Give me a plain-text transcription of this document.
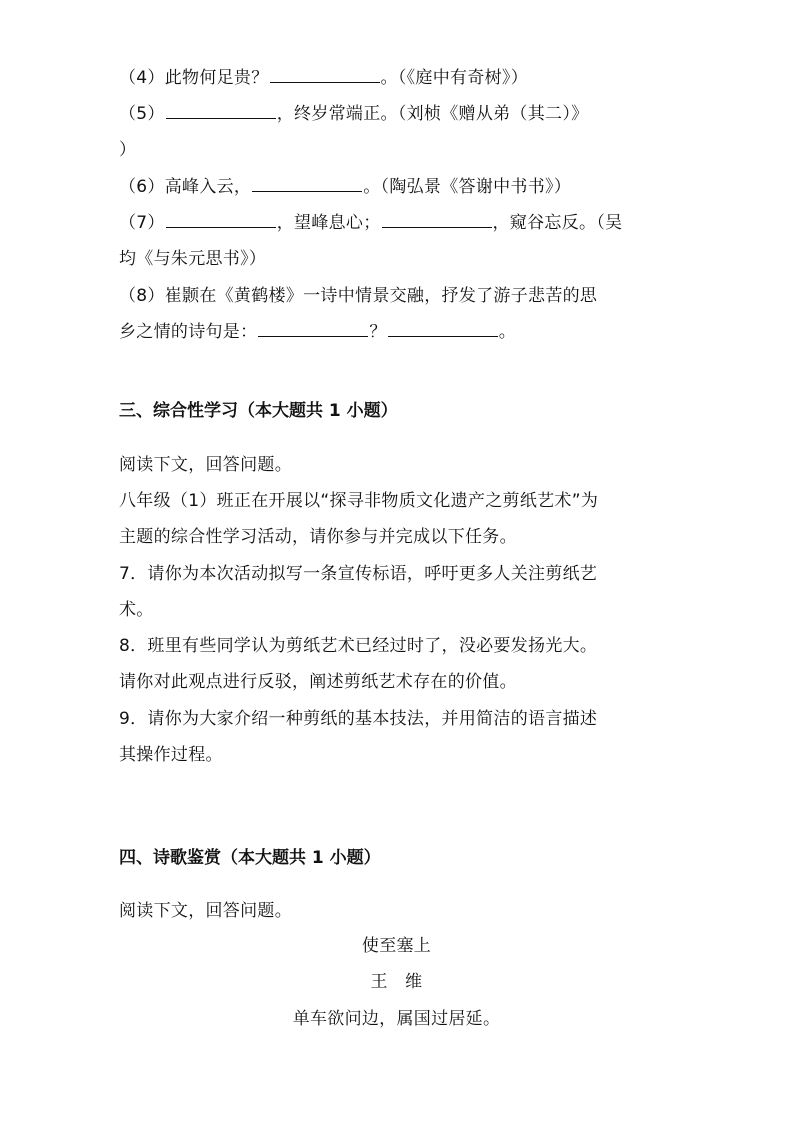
（4）此物何足贵？	。（《庭中有奇树》）
（5）	，终岁常端正。（刘桢《赠从弟（其二）》
）
（6）高峰入云，	。（陶弘景《答谢中书书》）
（7）	，望峰息心；	，窥谷忘反。（吴
均《与朱元思书》）
（8）崔颢在《黄鹤楼》一诗中情景交融，抒发了游子悲苦的思
乡之情的诗句是：	？	。
三、综合性学习（本大题共 1 小题）
阅读下文，回答问题。
八年级（1）班正在开展以“探寻非物质文化遗产之剪纸艺术”为
主题的综合性学习活动，请你参与并完成以下任务。
7．请你为本次活动拟写一条宣传标语，呼吁更多人关注剪纸艺
术。
8．班里有些同学认为剪纸艺术已经过时了，没必要发扬光大。
请你对此观点进行反驳，阐述剪纸艺术存在的价值。
9．请你为大家介绍一种剪纸的基本技法，并用简洁的语言描述
其操作过程。
四、诗歌鉴赏（本大题共 1 小题）
阅读下文，回答问题。
使至塞上
王　维
单车欲问边，属国过居延。
